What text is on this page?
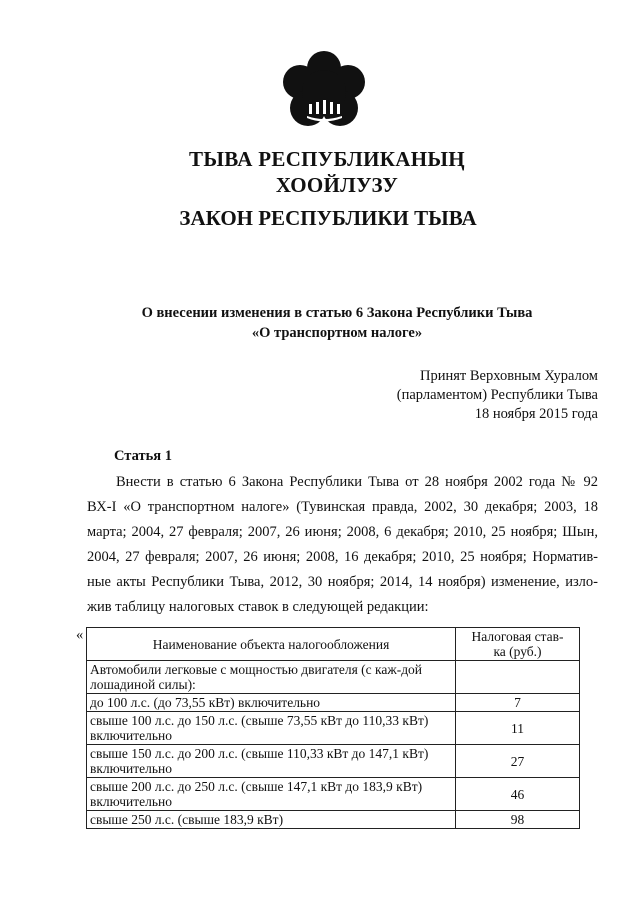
ТЫВА РЕСПУБЛИКАНЫҢ
ХООЙЛУЗУ
ЗАКОН РЕСПУБЛИКИ ТЫВА
О внесении изменения в статью 6 Закона Республики Тыва
«О транспортном налоге»
Принят Верховным Хуралом
(парламентом) Республики Тыва
18 ноября 2015 года
Статья 1
Внести в статью 6 Закона Республики Тыва от 28 ноября 2002 года № 92
ВХ-I «О транспортном налоге» (Тувинская правда, 2002, 30 декабря; 2003, 18
марта; 2004, 27 февраля; 2007, 26 июня; 2008, 6 декабря; 2010, 25 ноября; Шын,
2004, 27 февраля; 2007, 26 июня; 2008, 16 декабря; 2010, 25 ноября; Норматив-
ные акты Республики Тыва, 2012, 30 ноября; 2014, 14 ноября) изменение, изло-
жив таблицу налоговых ставок в следующей редакции:
«
Наименование объекта налогообложения	Налоговая став-
ка (руб.)

Автомобили легковые с мощностью двигателя (с каж-дой лошадиной силы):	
до 100 л.с. (до 73,55 кВт) включительно	7
свыше 100 л.с. до 150 л.с. (свыше 73,55 кВт до 110,33 кВт) включительно	11
свыше 150 л.с. до 200 л.с. (свыше 110,33 кВт до 147,1 кВт) включительно	27
свыше 200 л.с. до 250 л.с. (свыше 147,1 кВт до 183,9 кВт) включительно	46
свыше 250 л.с. (свыше 183,9 кВт)	98
